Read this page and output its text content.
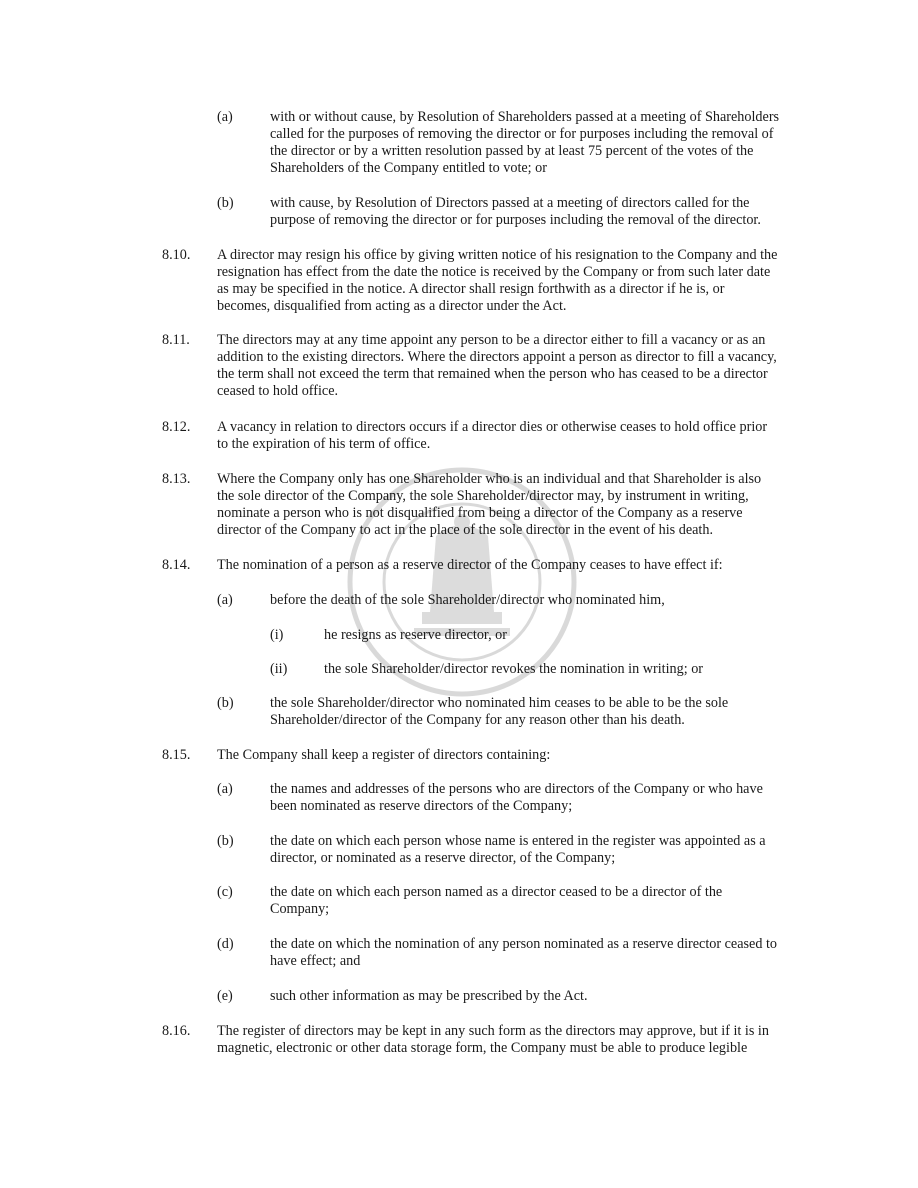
(a)	with or without cause, by Resolution of Shareholders passed at a meeting of Shareholders
called for the purposes of removing the director or for purposes including the removal of
the director or by a written resolution passed by at least 75 percent of the votes of the
Shareholders of the Company entitled to vote; or
(b)	with cause, by Resolution of Directors passed at a meeting of directors called for the
purpose of removing the director or for purposes including the removal of the director.
8.10. A director may resign his office by giving written notice of his resignation to the Company and the
resignation has effect from the date the notice is received by the Company or from such later date
as may be specified in the notice. A director shall resign forthwith as a director if he is, or
becomes, disqualified from acting as a director under the Act.
8.11. The directors may at any time appoint any person to be a director either to fill a vacancy or as an
addition to the existing directors. Where the directors appoint a person as director to fill a vacancy,
the term shall not exceed the term that remained when the person who has ceased to be a director
ceased to hold office.
8.12. A vacancy in relation to directors occurs if a director dies or otherwise ceases to hold office prior
to the expiration of his term of office.
8.13. Where the Company only has one Shareholder who is an individual and that Shareholder is also
the sole director of the Company, the sole Shareholder/director may, by instrument in writing,
nominate a person who is not disqualified from being a director of the Company as a reserve
director of the Company to act in the place of the sole director in the event of his death.
8.14. The nomination of a person as a reserve director of the Company ceases to have effect if:
(a)	before the death of the sole Shareholder/director who nominated him,
(i)	he resigns as reserve director, or
(ii)	the sole Shareholder/director revokes the nomination in writing; or
(b)	the sole Shareholder/director who nominated him ceases to be able to be the sole
Shareholder/director of the Company for any reason other than his death.
8.15. The Company shall keep a register of directors containing:
(a)	the names and addresses of the persons who are directors of the Company or who have
been nominated as reserve directors of the Company;
(b)	the date on which each person whose name is entered in the register was appointed as a
director, or nominated as a reserve director, of the Company;
(c)	the date on which each person named as a director ceased to be a director of the
Company;
(d)	the date on which the nomination of any person nominated as a reserve director ceased to
have effect; and
(e)	such other information as may be prescribed by the Act.
8.16. The register of directors may be kept in any such form as the directors may approve, but if it is in
magnetic, electronic or other data storage form, the Company must be able to produce legible
